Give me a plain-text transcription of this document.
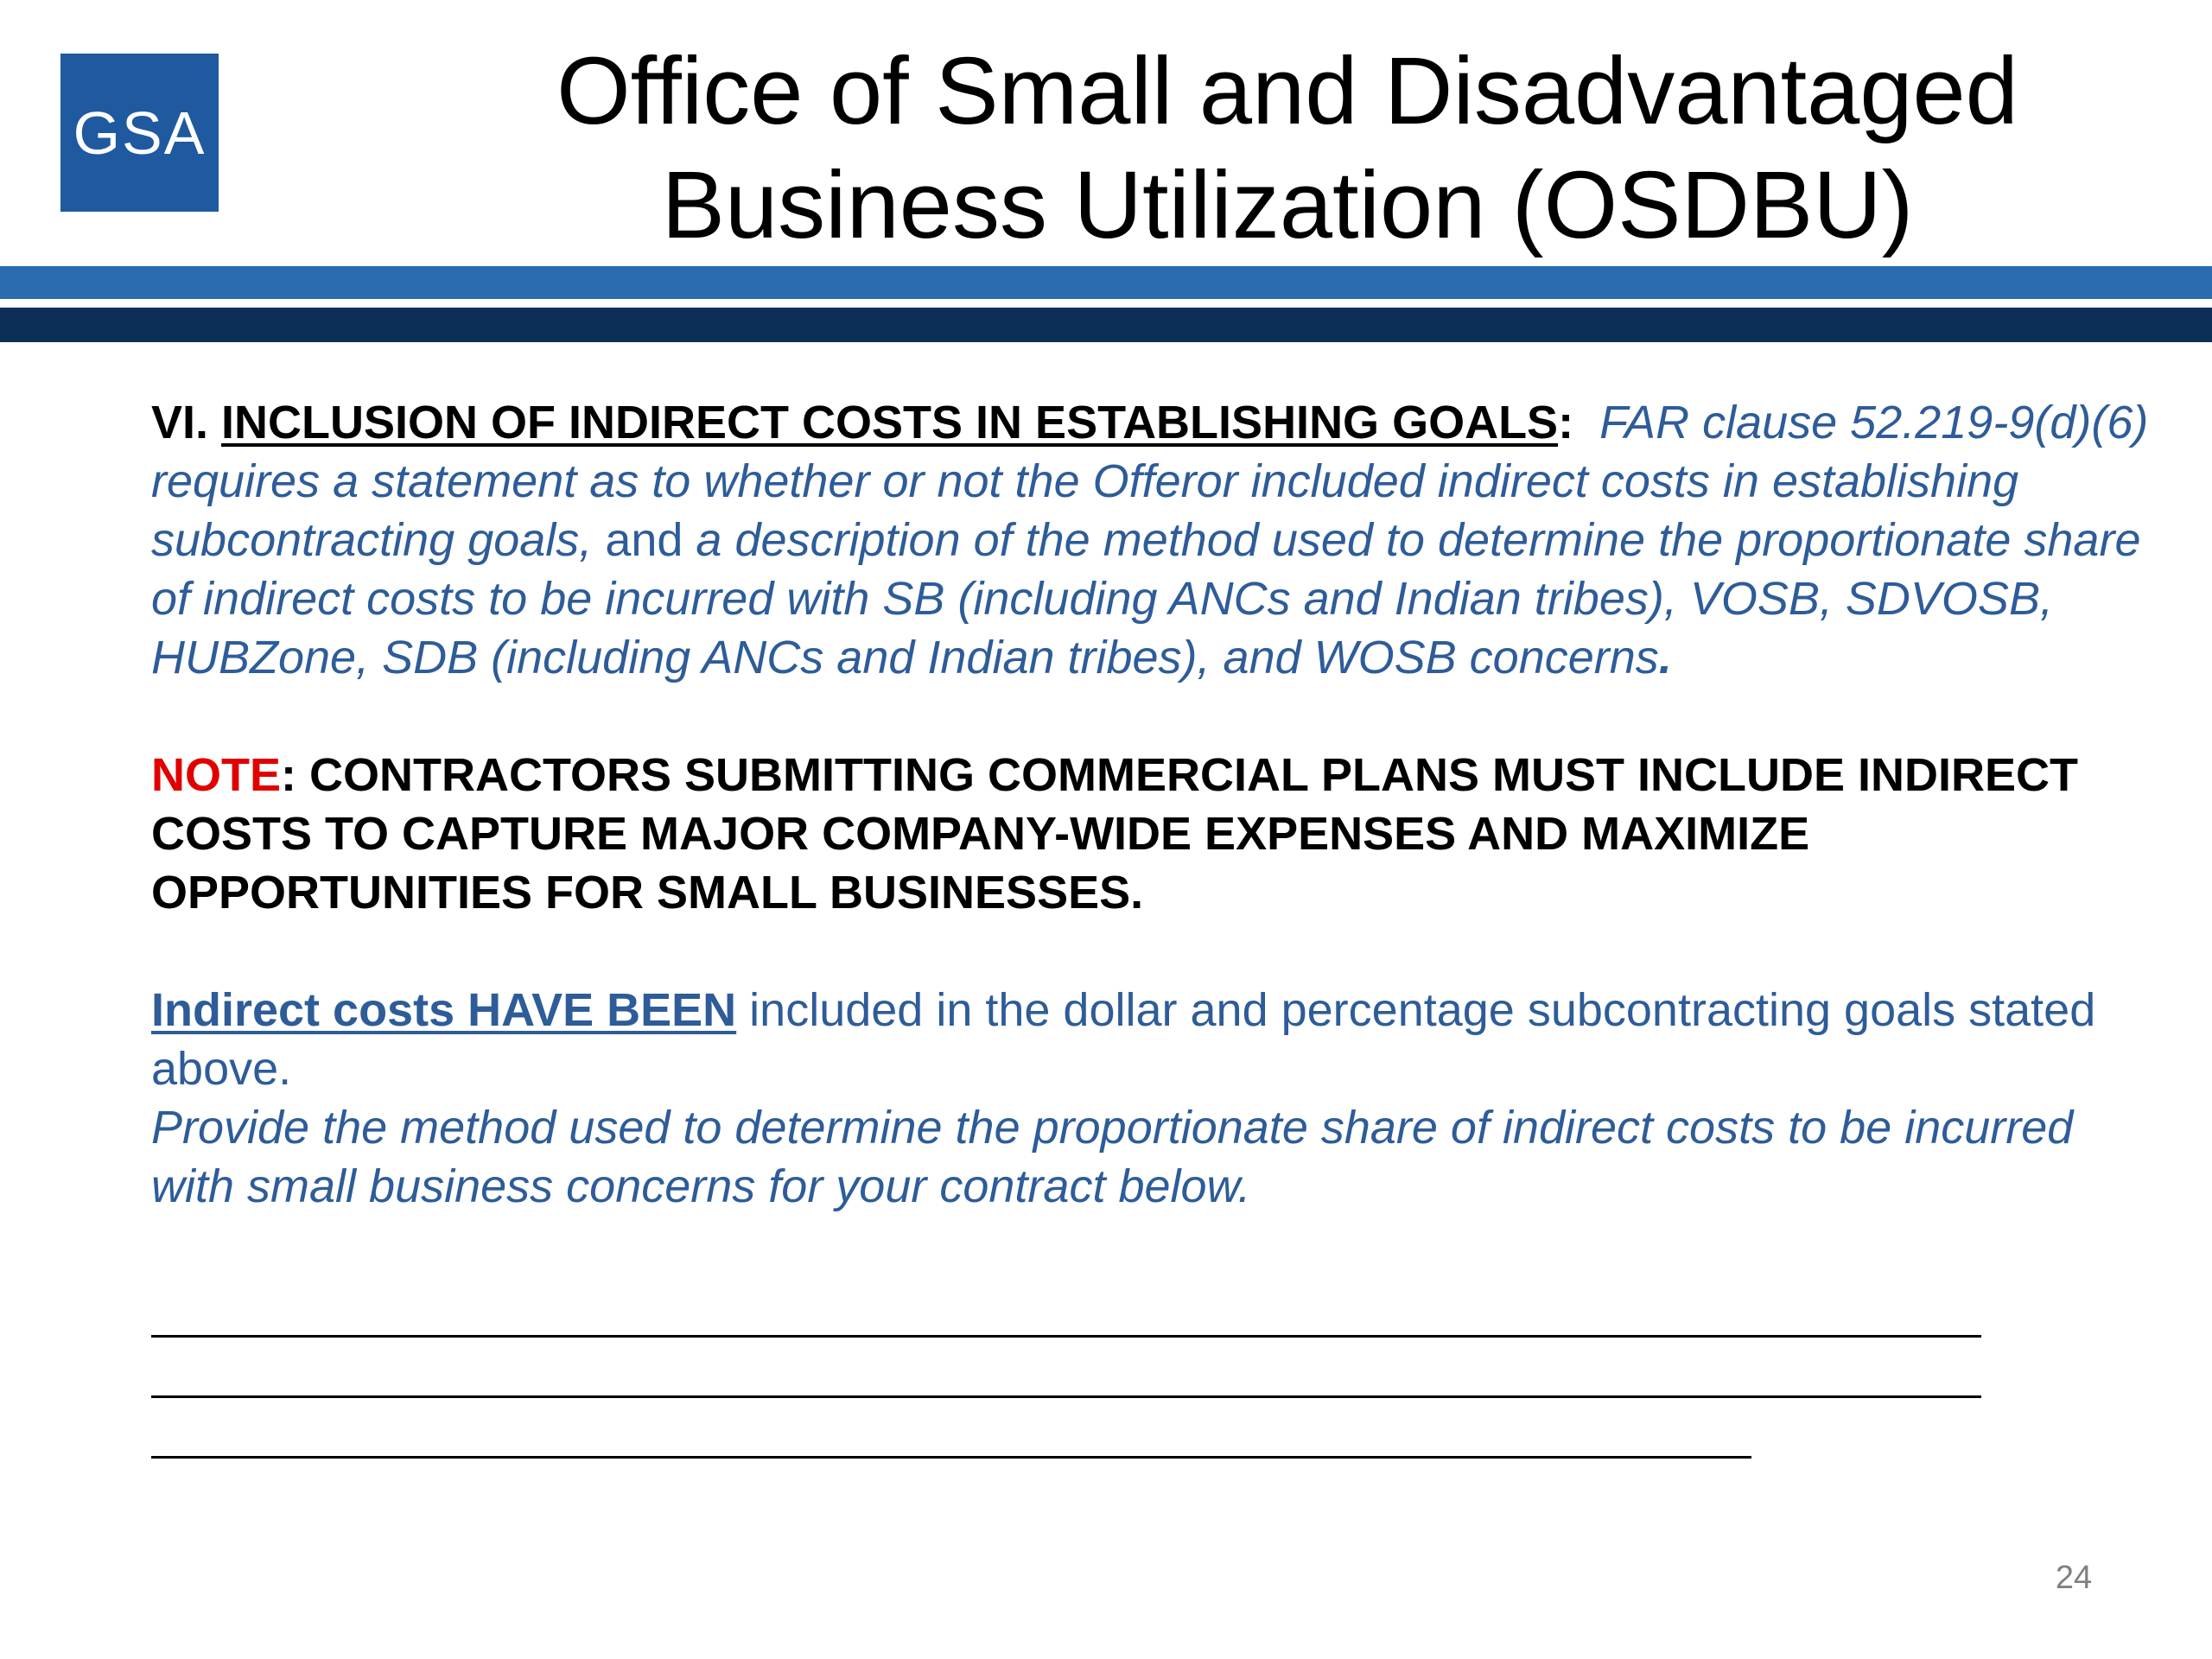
GSA	Office of Small and Disadvantaged
Business Utilization (OSDBU)

VI. INCLUSION OF INDIRECT COSTS IN ESTABLISHING GOALS: FAR clause 52.219-9(d)(6) requires a statement as to whether or not the Offeror included indirect costs in establishing subcontracting goals, and a description of the method used to determine the proportionate share of indirect costs to be incurred with SB (including ANCs and Indian tribes), VOSB, SDVOSB, HUBZone, SDB (including ANCs and Indian tribes), and WOSB concerns.

NOTE: CONTRACTORS SUBMITTING COMMERCIAL PLANS MUST INCLUDE INDIRECT COSTS TO CAPTURE MAJOR COMPANY-WIDE EXPENSES AND MAXIMIZE OPPORTUNITIES FOR SMALL BUSINESSES.

Indirect costs HAVE BEEN included in the dollar and percentage subcontracting goals stated above.

Provide the method used to determine the proportionate share of indirect costs to be incurred with small business concerns for your contract below.

24
